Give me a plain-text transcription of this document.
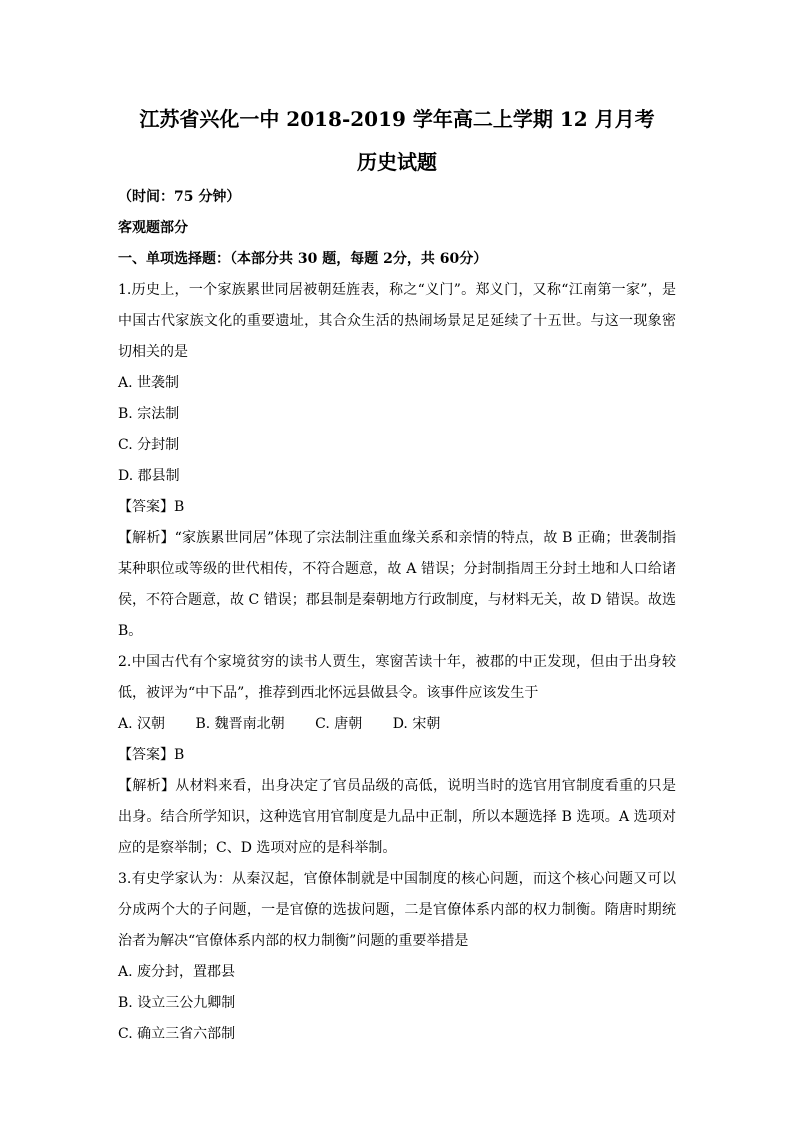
江苏省兴化一中 2018-2019 学年高二上学期 12 月月考
历史试题
（时间：75 分钟）
客观题部分
一、单项选择题：（本部分共 30 题，每题 2分，共 60分）
1.历史上，一个家族累世同居被朝廷旌表，称之“义门”。郑义门，又称“江南第一家”，是中国古代家族文化的重要遗址，其合众生活的热闹场景足足延续了十五世。与这一现象密切相关的是
A. 世袭制
B. 宗法制
C. 分封制
D. 郡县制
【答案】B
【解析】“家族累世同居”体现了宗法制注重血缘关系和亲情的特点，故 B 正确；世袭制指某种职位或等级的世代相传，不符合题意，故 A 错误；分封制指周王分封土地和人口给诸侯，不符合题意，故 C 错误；郡县制是秦朝地方行政制度，与材料无关，故 D 错误。故选 B。
2.中国古代有个家境贫穷的读书人贾生，寒窗苦读十年，被郡的中正发现，但由于出身较低，被评为“中下品”，推荐到西北怀远县做县令。该事件应该发生于
A. 汉朝 B. 魏晋南北朝 C. 唐朝 D. 宋朝
【答案】B
【解析】从材料来看，出身决定了官员品级的高低，说明当时的选官用官制度看重的只是出身。结合所学知识，这种选官用官制度是九品中正制，所以本题选择 B 选项。A 选项对应的是察举制；C、D 选项对应的是科举制。
3.有史学家认为：从秦汉起，官僚体制就是中国制度的核心问题，而这个核心问题又可以分成两个大的子问题，一是官僚的选拔问题，二是官僚体系内部的权力制衡。隋唐时期统治者为解决“官僚体系内部的权力制衡”问题的重要举措是
A. 废分封，置郡县
B. 设立三公九卿制
C. 确立三省六部制
